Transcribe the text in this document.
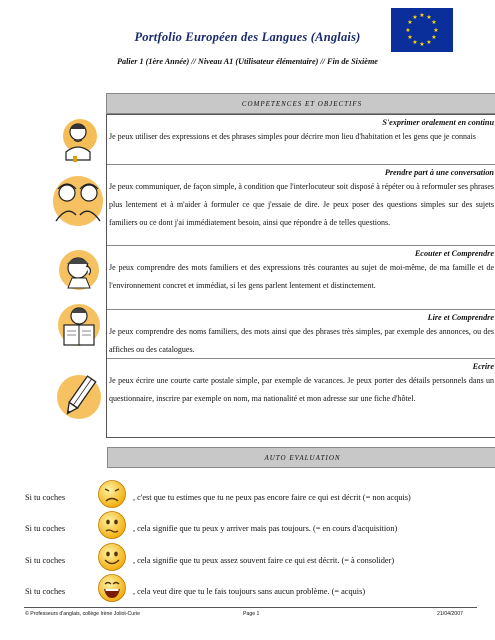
Portfolio Européen des Langues (Anglais)
★ ★
★
★
★
★
★
★
★
★
★
★
Palier 1 (1ère Année) // Niveau A1 (Utilisateur élémentaire) // Fin de Sixième
COMPETENCES ET OBJECTIFS
S'exprimer oralement en continu
Je peux utiliser des expressions et des phrases simples pour décrire mon lieu d'habitation et les gens que je connais
Prendre part à une conversation
Je peux communiquer, de façon simple, à condition que l'interlocuteur soit disposé à répéter ou à reformuler ses phrases plus lentement et à m'aider à formuler ce que j'essaie de dire. Je peux poser des questions simples sur des sujets familiers ou ce dont j'ai immédiatement besoin, ainsi que répondre à de telles questions.
Ecouter et Comprendre
Je peux comprendre des mots familiers et des expressions très courantes au sujet de moi-même, de ma famille et de l'environnement concret et immédiat, si les gens parlent lentement et distinctement.
Lire et Comprendre
Je peux comprendre des noms familiers, des mots ainsi que des phrases très simples, par exemple des annonces, ou des affiches ou des catalogues.
Ecrire
Je peux écrire une courte carte postale simple, par exemple de vacances. Je peux porter des détails personnels dans un questionnaire, inscrire par exemple on nom, ma nationalité et mon adresse sur une fiche d'hôtel.
AUTO EVALUATION
Si tu coches	, c'est que tu estimes que tu ne peux pas encore faire ce qui est décrit (= non acquis)
Si tu coches	, cela signifie que tu peux y arriver mais pas toujours. (= en cours d'acquisition)
Si tu coches	, cela signifie que tu peux assez souvent faire ce qui est décrit. (= à consolider)
Si tu coches	, cela veut dire que tu le fais toujours sans aucun problème. (= acquis)
© Professeurs d'anglais, collège Irène Joliot-Curie	Page 1	21/04/2007
